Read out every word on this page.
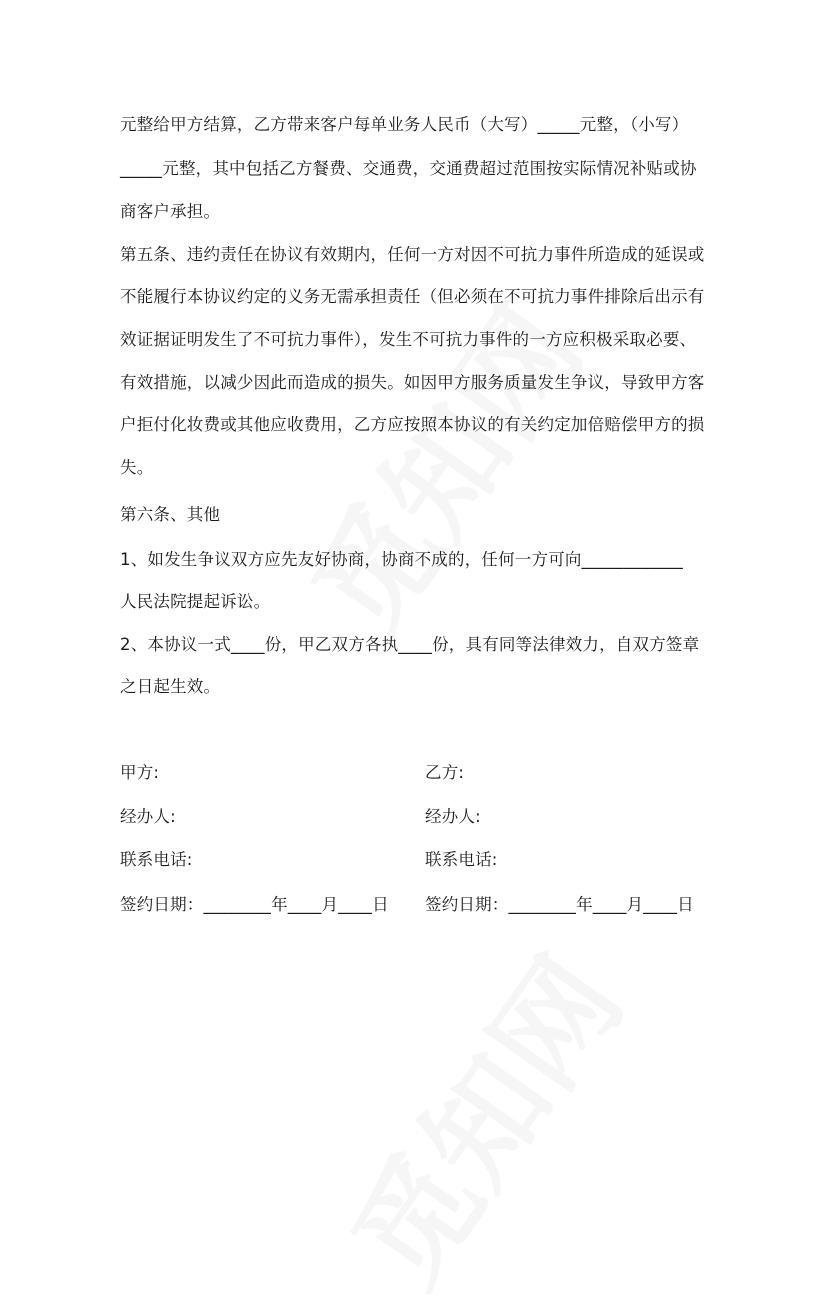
元整给甲方结算，乙方带来客户每单业务人民币（大写）_____元整，（小写）
_____元整，其中包括乙方餐费、交通费，交通费超过范围按实际情况补贴或协
商客户承担。
第五条、违约责任在协议有效期内，任何一方对因不可抗力事件所造成的延误或
不能履行本协议约定的义务无需承担责任（但必须在不可抗力事件排除后出示有
效证据证明发生了不可抗力事件），发生不可抗力事件的一方应积极采取必要、
有效措施，以减少因此而造成的损失。如因甲方服务质量发生争议，导致甲方客
户拒付化妆费或其他应收费用，乙方应按照本协议的有关约定加倍赔偿甲方的损
失。
第六条、其他
1、如发生争议双方应先友好协商，协商不成的，任何一方可向____________
人民法院提起诉讼。
2、本协议一式____份，甲乙双方各执____份，具有同等法律效力，自双方签章
之日起生效。
甲方:
经办人:
联系电话:
签约日期：________年____月____日
乙方:
经办人:
联系电话:
签约日期：________年____月____日
